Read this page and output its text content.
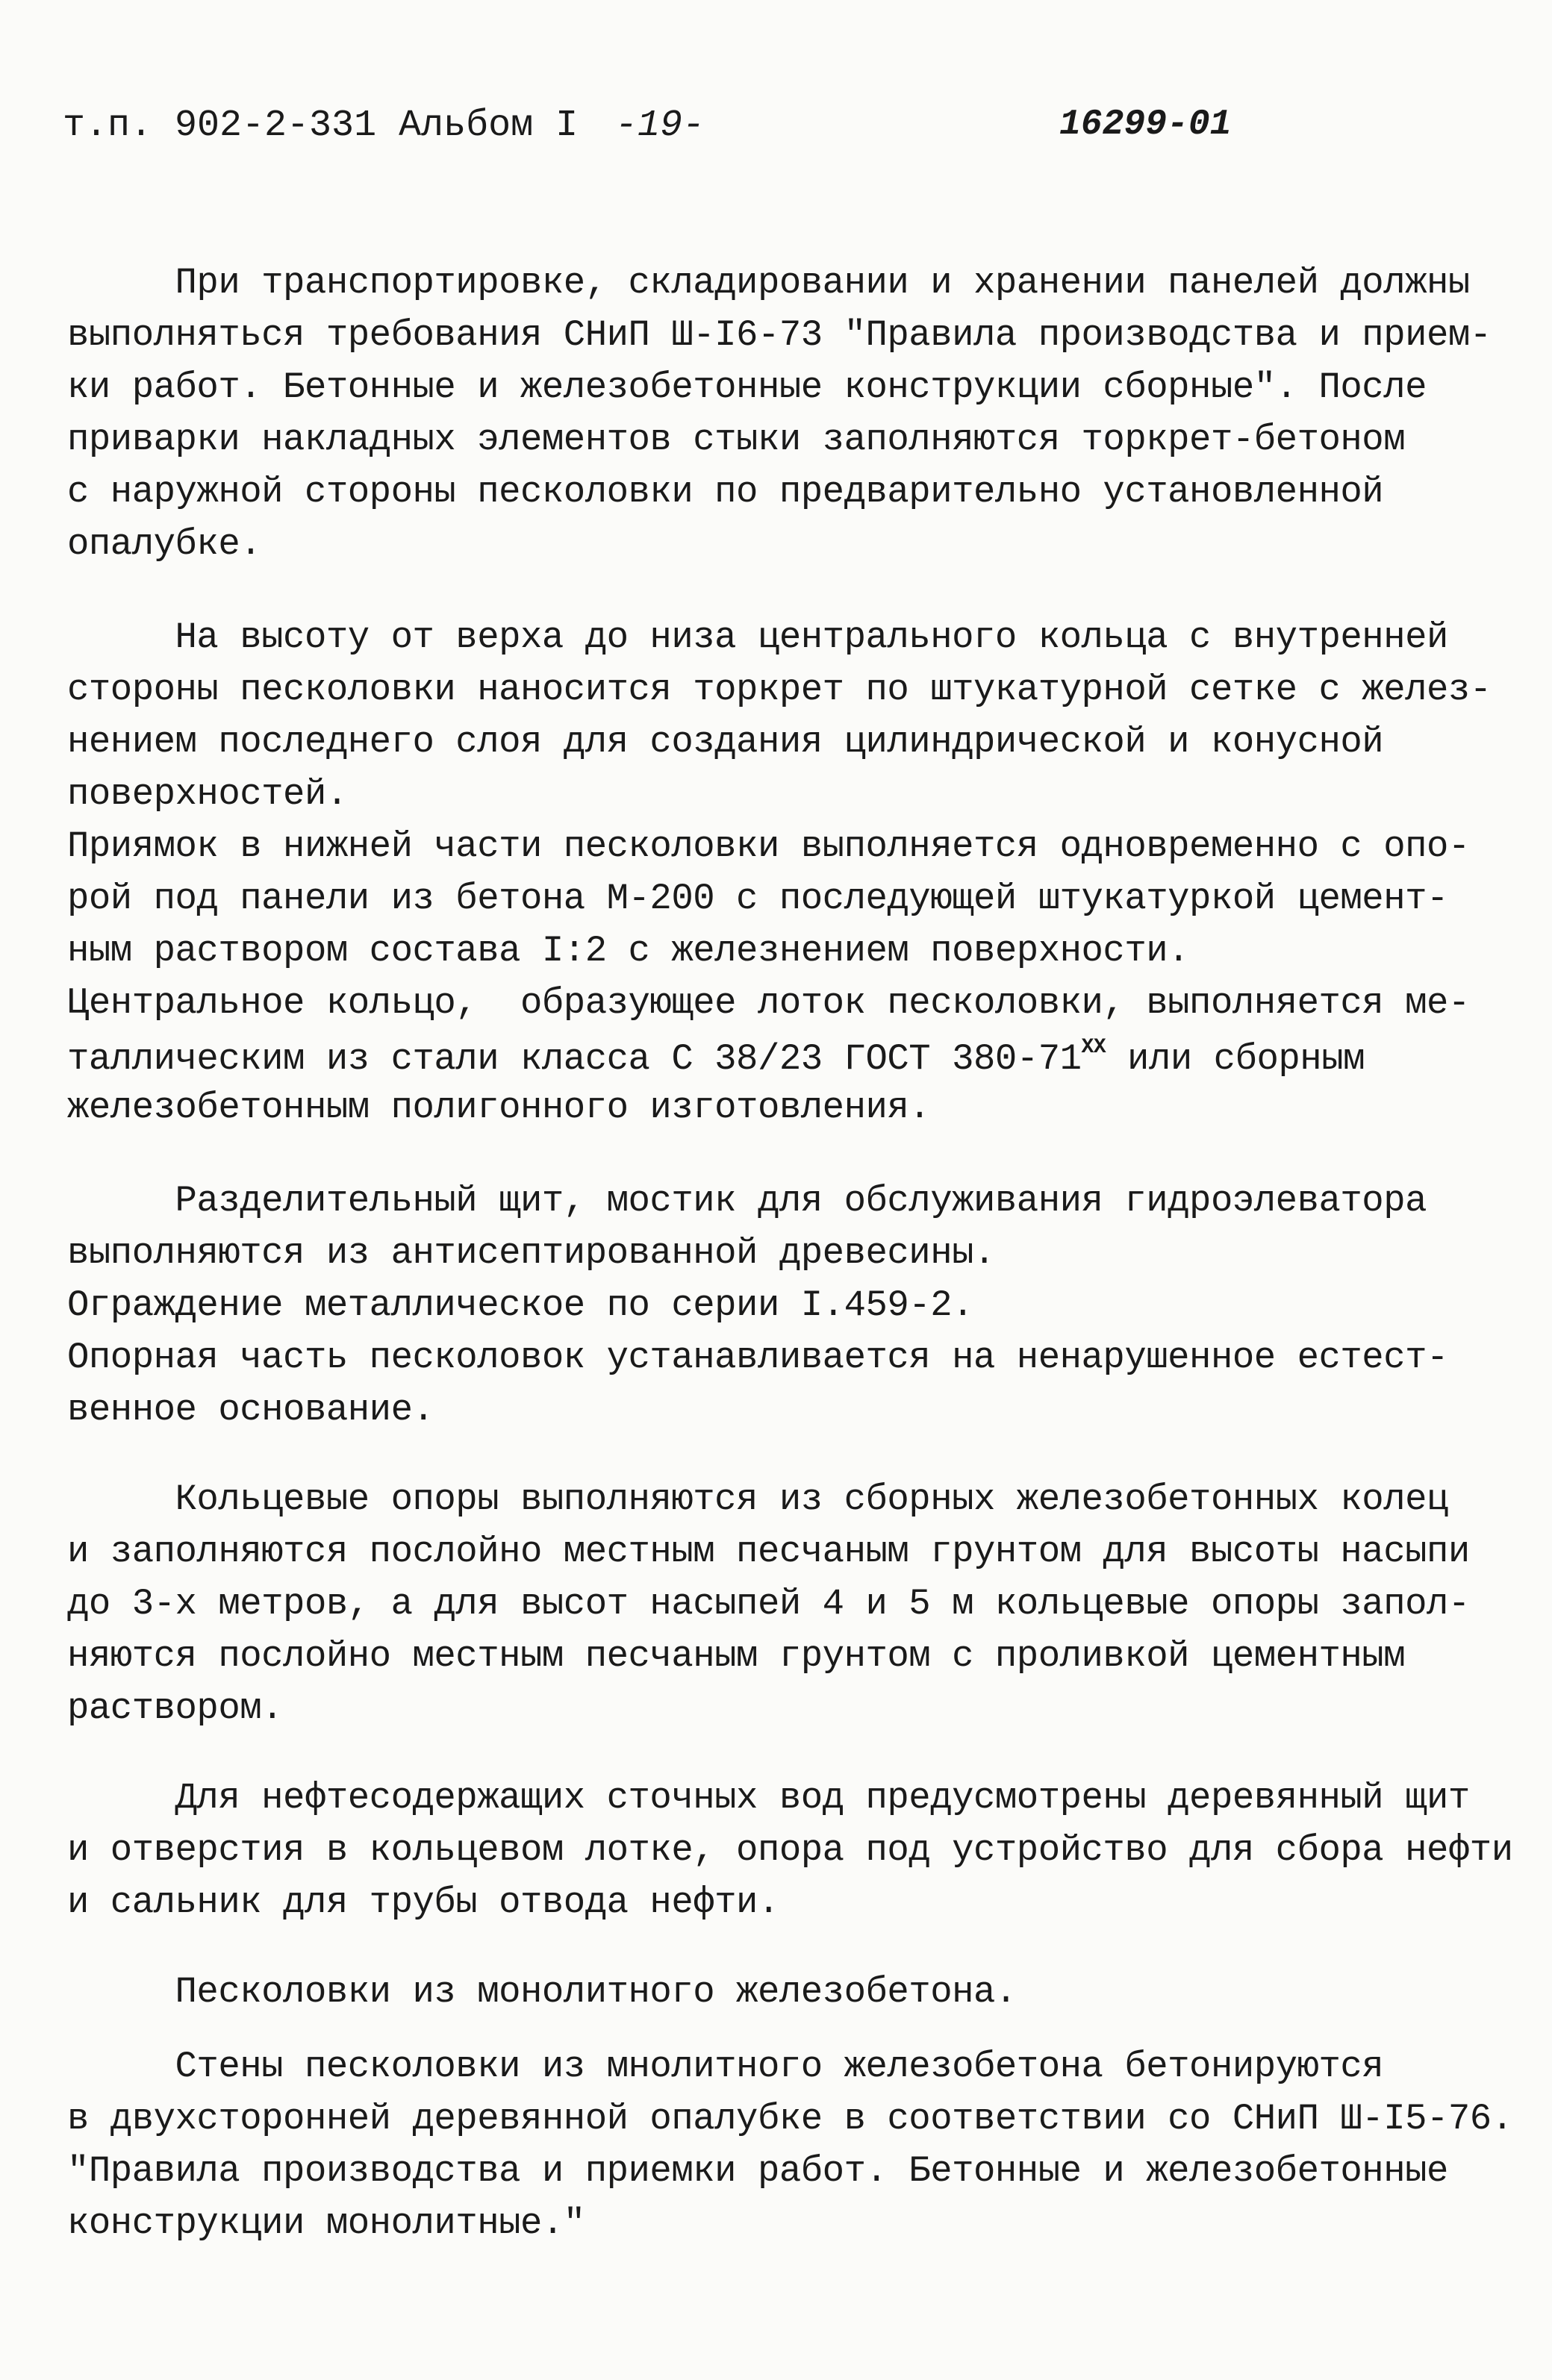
т.п. 902-2-331 Альбом I -19-	16299-01
При транспортировке, складировании и хранении панелей должны
выполняться требования СНиП Ш-I6-73 "Правила производства и прием-
ки работ. Бетонные и железобетонные конструкции сборные". После
приварки накладных элементов стыки заполняются торкрет-бетоном
с наружной стороны песколовки по предварительно установленной
опалубке.
На высоту от верха до низа центрального кольца с внутренней
стороны песколовки наносится торкрет по штукатурной сетке с желез-
нением последнего слоя для создания цилиндрической и конусной
поверхностей.
Приямок в нижней части песколовки выполняется одновременно с опо-
рой под панели из бетона М-200 с последующей штукатуркой цемент-
ным раствором состава I:2 с железнением поверхности.
Центральное кольцо,  образующее лоток песколовки, выполняется ме-
таллическим из стали класса С 38/23 ГОСТ $380-71^{XX}$ или сборным
железобетонным полигонного изготовления.
Разделительный щит, мостик для обслуживания гидроэлеватора
выполняются из антисептированной древесины.
Ограждение металлическое по серии I.459-2.
Опорная часть песколовок устанавливается на ненарушенное естест-
венное основание.
Кольцевые опоры выполняются из сборных железобетонных колец
и заполняются послойно местным песчаным грунтом для высоты насыпи
до 3-х метров, а для высот насыпей 4 и 5 м кольцевые опоры запол-
няются послойно местным песчаным грунтом с проливкой цементным
раствором.
Для нефтесодержащих сточных вод предусмотрены деревянный щит
и отверстия в кольцевом лотке, опора под устройство для сбора нефти
и сальник для трубы отвода нефти.
Песколовки из монолитного железобетона.
Стены песколовки из мнолитного железобетона бетонируются
в двухсторонней деревянной опалубке в соответствии со СНиП Ш-I5-76.
"Правила производства и приемки работ. Бетонные и железобетонные
конструкции монолитные."
